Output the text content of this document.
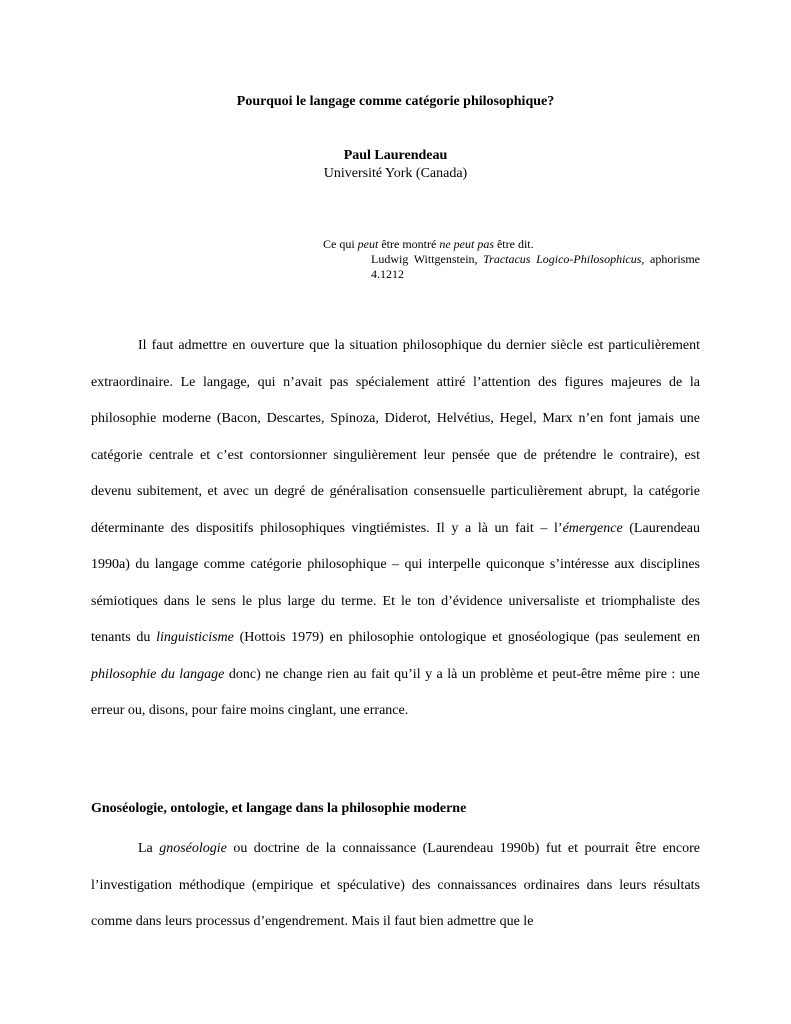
Pourquoi le langage comme catégorie philosophique?
Paul Laurendeau
Université York (Canada)
Ce qui peut être montré ne peut pas être dit.
Ludwig Wittgenstein, Tractacus Logico-Philosophicus, aphorisme 4.1212

Il faut admettre en ouverture que la situation philosophique du dernier siècle est particulièrement extraordinaire. Le langage, qui n’avait pas spécialement attiré l’attention des figures majeures de la philosophie moderne (Bacon, Descartes, Spinoza, Diderot, Helvétius, Hegel, Marx n’en font jamais une catégorie centrale et c’est contorsionner singulièrement leur pensée que de prétendre le contraire), est devenu subitement, et avec un degré de généralisation consensuelle particulièrement abrupt, la catégorie déterminante des dispositifs philosophiques vingtiémistes. Il y a là un fait – l’émergence (Laurendeau 1990a) du langage comme catégorie philosophique – qui interpelle quiconque s’intéresse aux disciplines sémiotiques dans le sens le plus large du terme. Et le ton d’évidence universaliste et triomphaliste des tenants du linguisticisme (Hottois 1979) en philosophie ontologique et gnoséologique (pas seulement en philosophie du langage donc) ne change rien au fait qu’il y a là un problème et peut-être même pire : une erreur ou, disons, pour faire moins cinglant, une errance.

Gnoséologie, ontologie, et langage dans la philosophie moderne

La gnoséologie ou doctrine de la connaissance (Laurendeau 1990b) fut et pourrait être encore l’investigation méthodique (empirique et spéculative) des connaissances ordinaires dans leurs résultats comme dans leurs processus d’engendrement. Mais il faut bien admettre que le
